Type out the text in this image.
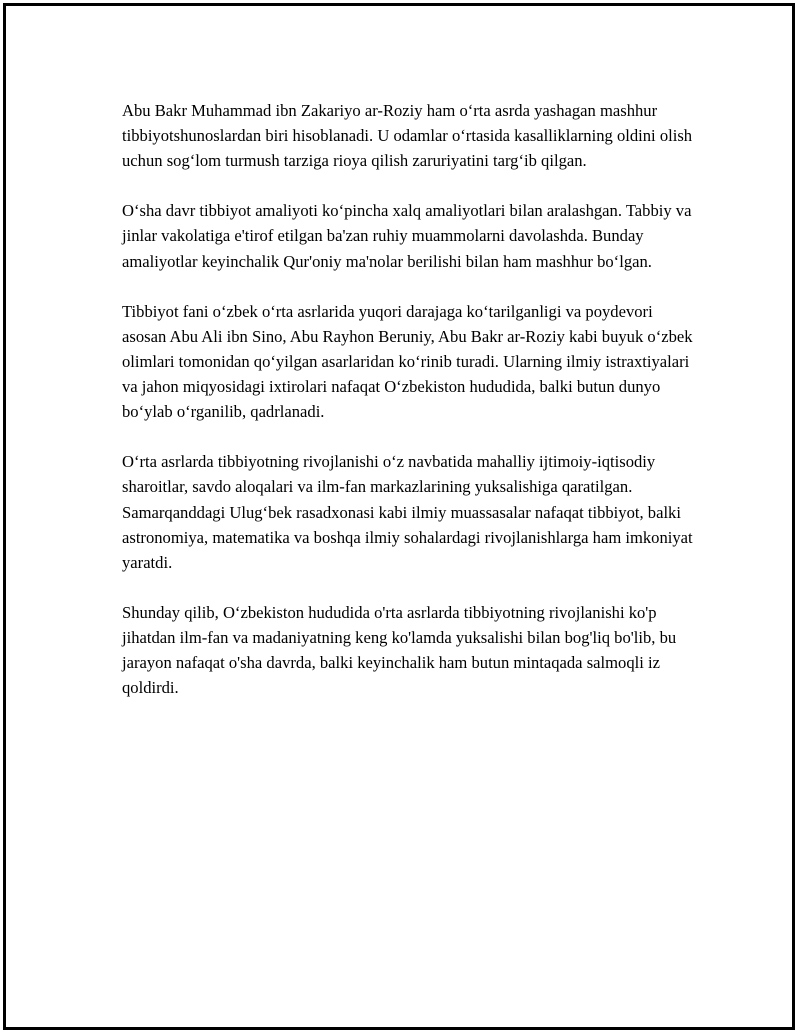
Abu Bakr Muhammad ibn Zakariyo ar-Roziy ham o‘rta asrda yashagan mashhur tibbiyotshunoslardan biri hisoblanadi. U odamlar o‘rtasida kasalliklarning oldini olish uchun sog‘lom turmush tarziga rioya qilish zaruriyatini targ‘ib qilgan.

O‘sha davr tibbiyot amaliyoti ko‘pincha xalq amaliyotlari bilan aralashgan. Tabbiy va jinlar vakolatiga e'tirof etilgan ba'zan ruhiy muammolarni davolashda. Bunday amaliyotlar keyinchalik Qur'oniy ma'nolar berilishi bilan ham mashhur bo‘lgan.

Tibbiyot fani o‘zbek o‘rta asrlarida yuqori darajaga ko‘tarilganligi va poydevori asosan Abu Ali ibn Sino, Abu Rayhon Beruniy, Abu Bakr ar-Roziy kabi buyuk o‘zbek olimlari tomonidan qo‘yilgan asarlaridan ko‘rinib turadi. Ularning ilmiy istraxtiyalari va jahon miqyosidagi ixtirolari nafaqat O‘zbekiston hududida, balki butun dunyo bo‘ylab o‘rganilib, qadrlanadi.

O‘rta asrlarda tibbiyotning rivojlanishi o‘z navbatida mahalliy ijtimoiy-iqtisodiy sharoitlar, savdo aloqalari va ilm-fan markazlarining yuksalishiga qaratilgan. Samarqanddagi Ulug‘bek rasadxonasi kabi ilmiy muassasalar nafaqat tibbiyot, balki astronomiya, matematika va boshqa ilmiy sohalardagi rivojlanishlarga ham imkoniyat yaratdi.

Shunday qilib, O‘zbekiston hududida o'rta asrlarda tibbiyotning rivojlanishi ko'p jihatdan ilm-fan va madaniyatning keng ko'lamda yuksalishi bilan bog'liq bo'lib, bu jarayon nafaqat o'sha davrda, balki keyinchalik ham butun mintaqada salmoqli iz qoldirdi.
